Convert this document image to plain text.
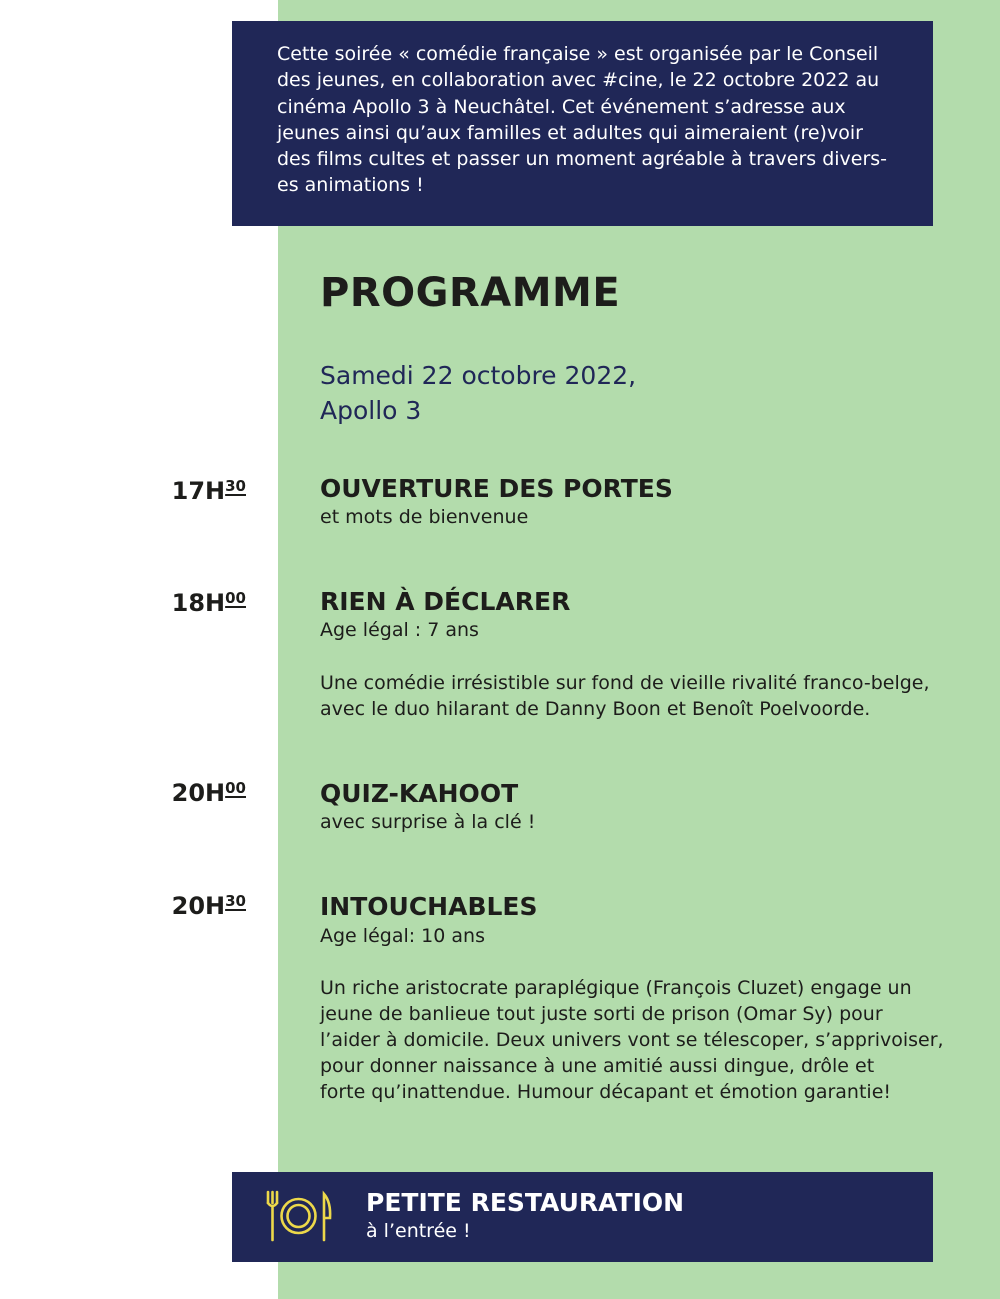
Cette soirée « comédie française » est organisée par le Conseil
des jeunes, en collaboration avec #cine, le 22 octobre 2022 au
cinéma Apollo 3 à Neuchâtel. Cet événement s’adresse aux
jeunes ainsi qu’aux familles et adultes qui aimeraient (re)voir
des films cultes et passer un moment agréable à travers divers-
es animations !

PROGRAMME

Samedi 22 octobre 2022,

Apollo 3

$17H^{30}$	OUVERTURE DES PORTES

et mots de bienvenue

$18H^{00}$	RIEN À DÉCLARER

Age légal : 7 ans

Une comédie irrésistible sur fond de vieille rivalité franco-belge,
avec le duo hilarant de Danny Boon et Benoît Poelvoorde.

$20H^{00}$	QUIZ-KAHOOT

avec surprise à la clé !

$20H^{30}$	INTOUCHABLES

Age légal: 10 ans

Un riche aristocrate paraplégique (François Cluzet) engage un
jeune de banlieue tout juste sorti de prison (Omar Sy) pour
l’aider à domicile. Deux univers vont se télescoper, s’apprivoiser,
pour donner naissance à une amitié aussi dingue, drôle et
forte qu’inattendue. Humour décapant et émotion garantie!

PETITE RESTAURATION

à l’entrée !
